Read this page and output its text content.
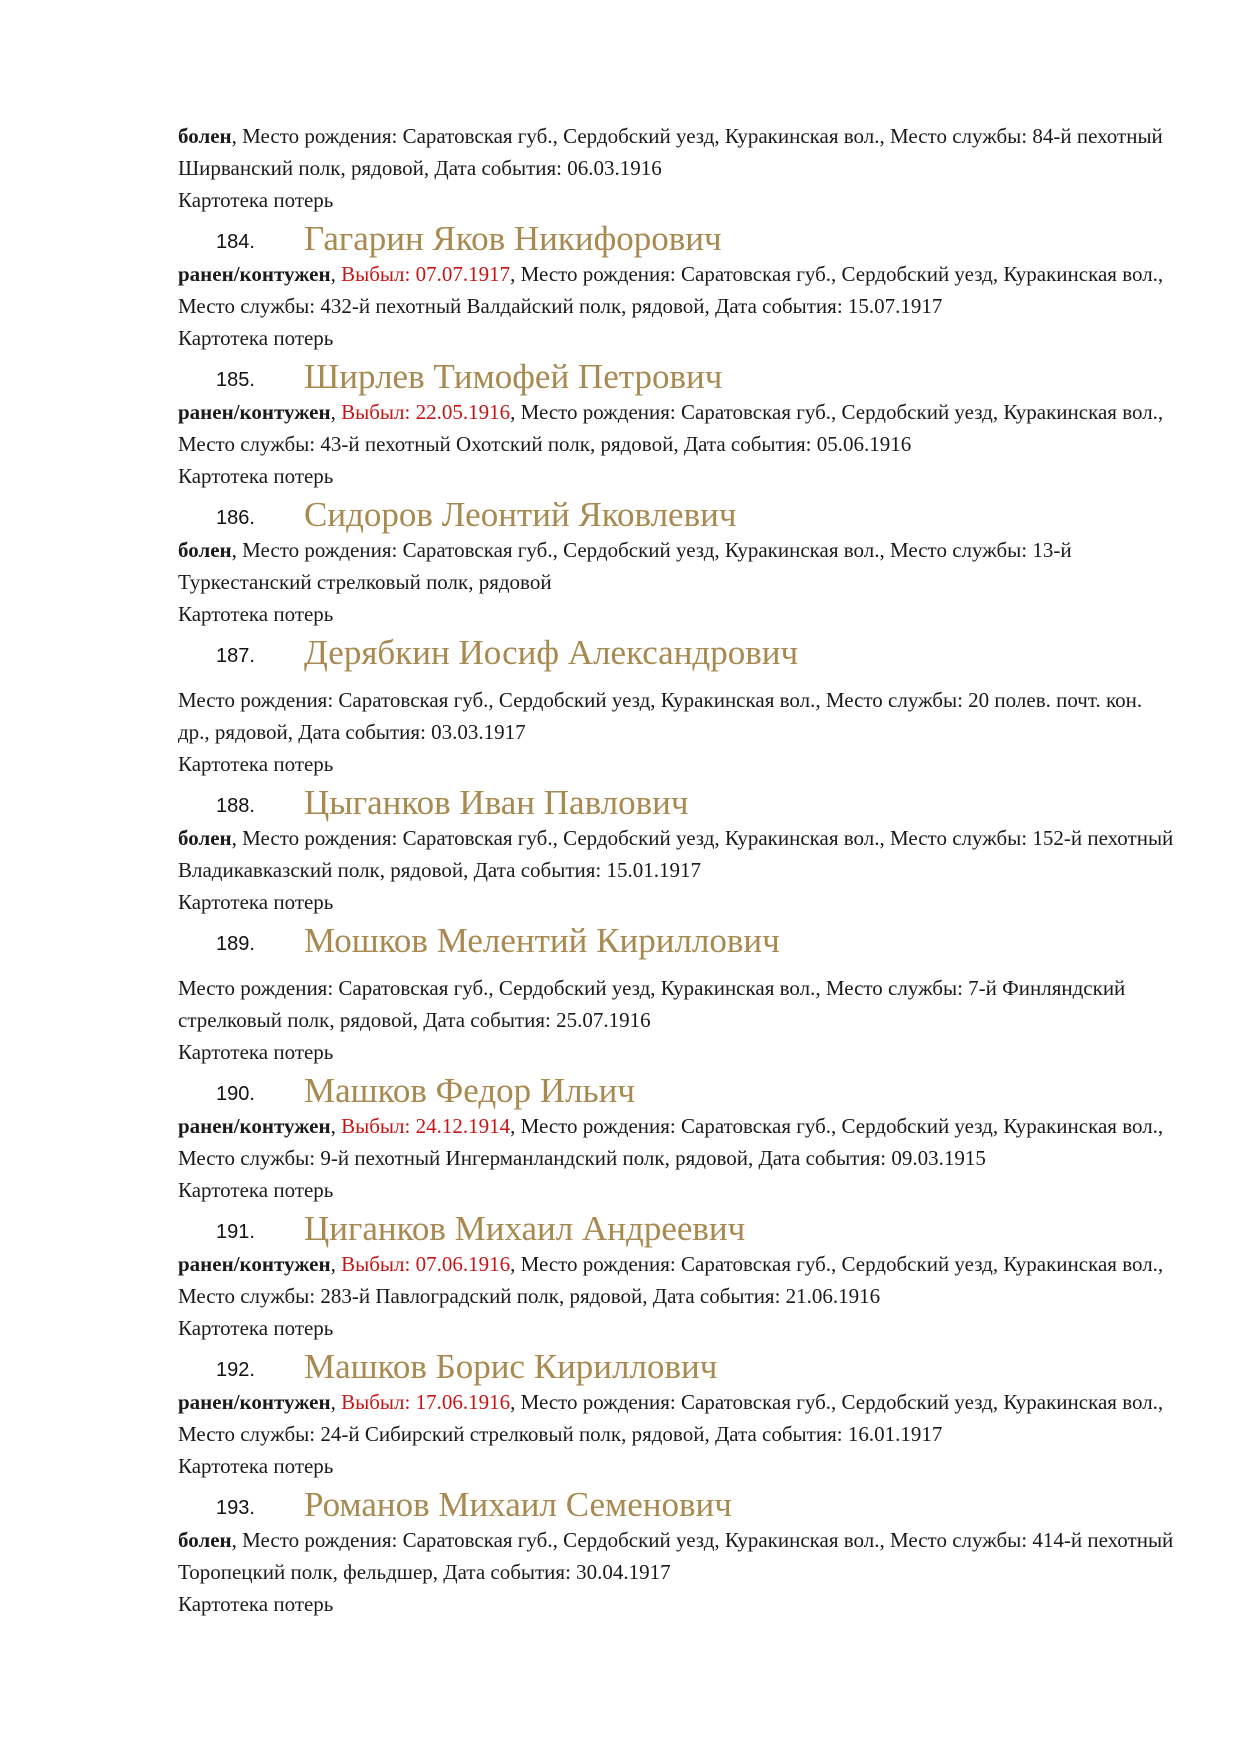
болен, Место рождения: Саратовская губ., Сердобский уезд, Куракинская вол., Место службы: 84-й пехотный Ширванский полк, рядовой, Дата события: 06.03.1916

Картотека потерь

184. Гагарин Яков Никифорович

ранен/контужен, Выбыл: 07.07.1917, Место рождения: Саратовская губ., Сердобский уезд, Куракинская вол., Место службы: 432-й пехотный Валдайский полк, рядовой, Дата события: 15.07.1917

Картотека потерь

185. Ширлев Тимофей Петрович

ранен/контужен, Выбыл: 22.05.1916, Место рождения: Саратовская губ., Сердобский уезд, Куракинская вол., Место службы: 43-й пехотный Охотский полк, рядовой, Дата события: 05.06.1916

Картотека потерь

186. Сидоров Леонтий Яковлевич

болен, Место рождения: Саратовская губ., Сердобский уезд, Куракинская вол., Место службы: 13-й Туркестанский стрелковый полк, рядовой

Картотека потерь

187. Дерябкин Иосиф Александрович

Место рождения: Саратовская губ., Сердобский уезд, Куракинская вол., Место службы: 20 полев. почт. кон. др., рядовой, Дата события: 03.03.1917

Картотека потерь

188. Цыганков Иван Павлович

болен, Место рождения: Саратовская губ., Сердобский уезд, Куракинская вол., Место службы: 152-й пехотный Владикавказский полк, рядовой, Дата события: 15.01.1917

Картотека потерь

189. Мошков Мелентий Кириллович

Место рождения: Саратовская губ., Сердобский уезд, Куракинская вол., Место службы: 7-й Финляндский стрелковый полк, рядовой, Дата события: 25.07.1916

Картотека потерь

190. Машков Федор Ильич

ранен/контужен, Выбыл: 24.12.1914, Место рождения: Саратовская губ., Сердобский уезд, Куракинская вол., Место службы: 9-й пехотный Ингерманландский полк, рядовой, Дата события: 09.03.1915

Картотека потерь

191. Циганков Михаил Андреевич

ранен/контужен, Выбыл: 07.06.1916, Место рождения: Саратовская губ., Сердобский уезд, Куракинская вол., Место службы: 283-й Павлоградский полк, рядовой, Дата события: 21.06.1916

Картотека потерь

192. Машков Борис Кириллович

ранен/контужен, Выбыл: 17.06.1916, Место рождения: Саратовская губ., Сердобский уезд, Куракинская вол., Место службы: 24-й Сибирский стрелковый полк, рядовой, Дата события: 16.01.1917

Картотека потерь

193. Романов Михаил Семенович

болен, Место рождения: Саратовская губ., Сердобский уезд, Куракинская вол., Место службы: 414-й пехотный Торопецкий полк, фельдшер, Дата события: 30.04.1917

Картотека потерь
